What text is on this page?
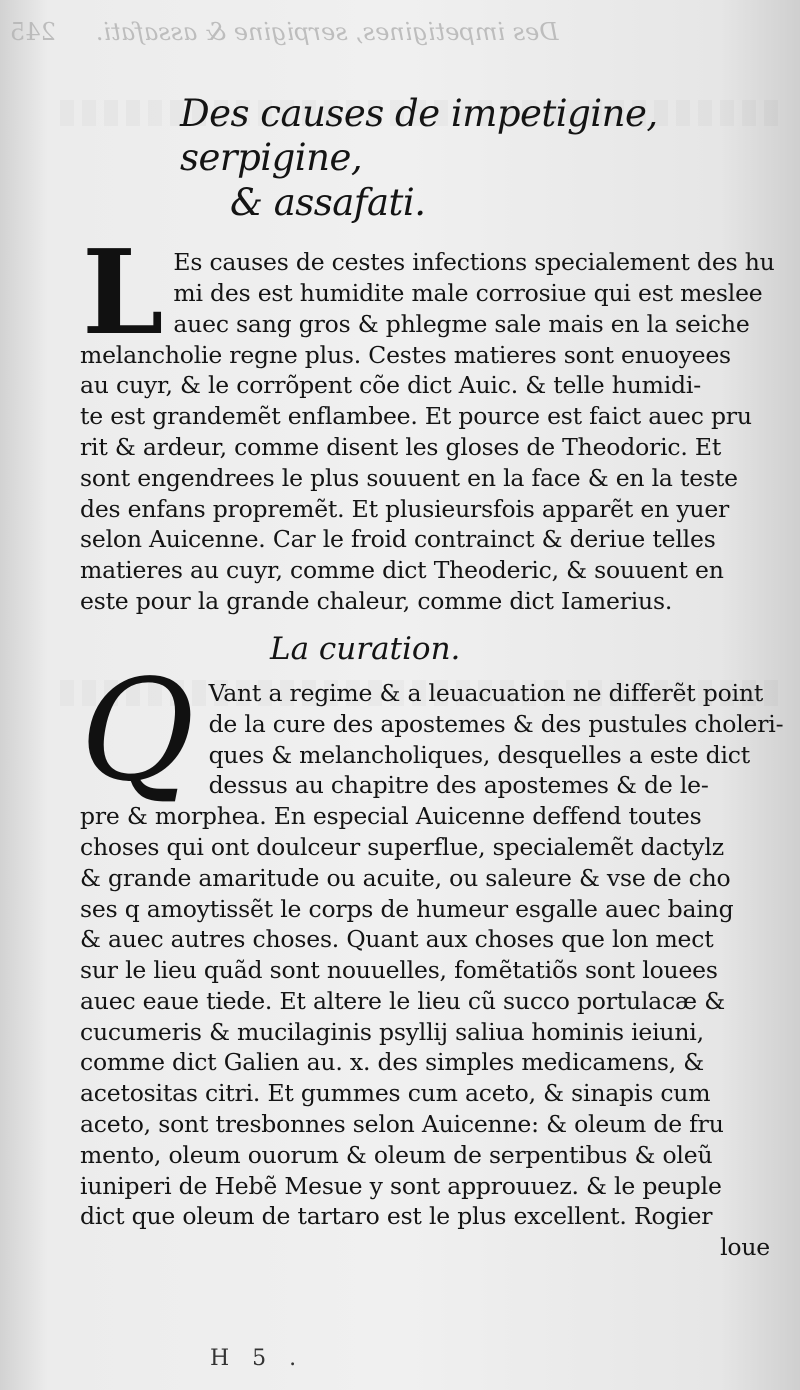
Des impetigines, serpigine & assafati.245
Des causes de impetigine, serpigine,
& assafati.
L Es causes de cestes infections specialement des hu
mi des est humidite male corrosiue qui est meslee
auec sang gros & phlegme sale mais en la seiche
melancholie regne plus. Cestes matieres sont enuoyees
au cuyr, & le corrõpent cõe dict Auic. & telle humidi-
te est grandemẽt enflambee. Et pource est faict auec pru
rit & ardeur, comme disent les gloses de Theodoric. Et
sont engendrees le plus souuent en la face & en la teste
des enfans propremẽt. Et plusieursfois apparẽt en yuer
selon Auicenne. Car le froid contrainct & deriue telles
matieres au cuyr, comme dict Theoderic, & souuent en
este pour la grande chaleur, comme dict Iamerius.
La curation.
Q Vant a regime & a leuacuation ne differẽt point
de la cure des apostemes & des pustules choleri-
ques & melancholiques, desquelles a este dict
dessus au chapitre des apostemes & de le-
pre & morphea. En especial Auicenne deffend toutes
choses qui ont doulceur superflue, specialemẽt dactylz
& grande amaritude ou acuite, ou saleure & vse de cho
ses q amoytissẽt le corps de humeur esgalle auec baing
& auec autres choses. Quant aux choses que lon mect
sur le lieu quãd sont nouuelles, fomẽtatiõs sont louees
auec eaue tiede. Et altere le lieu cũ succo portulacæ &
cucumeris & mucilaginis psyllij saliua hominis ieiuni,
comme dict Galien au. x. des simples medicamens, &
acetositas citri. Et gummes cum aceto, & sinapis cum
aceto, sont tresbonnes selon Auicenne: & oleum de fru
mento, oleum ouorum & oleum de serpentibus & oleũ
iuniperi de Hebẽ Mesue y sont approuuez. & le peuple
dict que oleum de tartaro est le plus excellent. Rogier
loue
H 5 .
